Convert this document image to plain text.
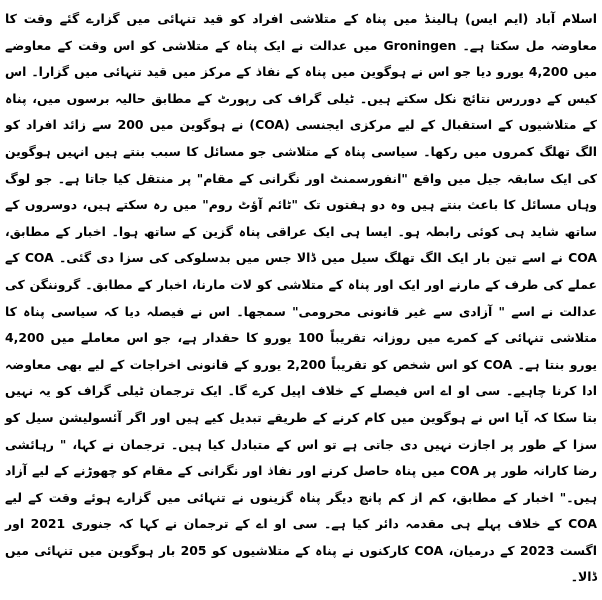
اسلام آباد (ایم ایس) ہالینڈ میں پناہ کے متلاشی افراد کو قید تنہائی میں گزارے گئے وقت کا معاوضہ مل سکتا ہے۔ Groningen میں عدالت نے ایک پناہ کے متلاشی کو اس وقت کے معاوضے میں 4,200 یورو دیا جو اس نے ہوگوین میں پناہ کے نفاذ کے مرکز میں قید تنہائی میں گزارا۔ اس کیس کے دوررس نتائج نکل سکتے ہیں۔ ٹیلی گراف کی رپورٹ کے مطابق حالیہ برسوں میں، پناہ کے متلاشیوں کے استقبال کے لیے مرکزی ایجنسی (COA) نے ہوگوین میں 200 سے زائد افراد کو الگ تھلگ کمروں میں رکھا۔ سیاسی پناہ کے متلاشی جو مسائل کا سبب بنتے ہیں انہیں ہوگوین کی ایک سابقہ جیل میں واقع "انفورسمنٹ اور نگرانی کے مقام" پر منتقل کیا جاتا ہے۔ جو لوگ وہاں مسائل کا باعث بنتے ہیں وہ دو ہفتوں تک "ٹائم آؤٹ روم" میں رہ سکتے ہیں، دوسروں کے ساتھ شاید ہی کوئی رابطہ ہو۔ ایسا ہی ایک عراقی پناہ گزین کے ساتھ ہوا۔ اخبار کے مطابق، COA نے اسے تین بار ایک الگ تھلگ سیل میں ڈالا جس میں بدسلوکی کی سزا دی گئی۔ COA کے عملے کی طرف کے مارنے اور ایک اور پناہ کے متلاشی کو لات مارنا، اخبار کے مطابق۔ گروننگن کی عدالت نے اسے " آزادی سے غیر قانونی محرومی" سمجھا۔ اس نے فیصلہ دیا کہ سیاسی پناہ کا متلاشی تنہائی کے کمرے میں روزانہ تقریباً 100 یورو کا حقدار ہے، جو اس معاملے میں 4,200 یورو بنتا ہے۔ COA کو اس شخص کو تقریباً 2,200 یورو کے قانونی اخراجات کے لیے بھی معاوضہ ادا کرنا چاہیے۔ سی او اے اس فیصلے کے خلاف اپیل کرے گا۔ ایک ترجمان ٹیلی گراف کو یہ نہیں بتا سکا کہ آیا اس نے ہوگوین میں کام کرنے کے طریقے تبدیل کیے ہیں اور اگر آئسولیشن سیل کو سزا کے طور پر اجازت نہیں دی جاتی ہے تو اس کے متبادل کیا ہیں۔ ترجمان نے کہا، " رہائشی رضا کارانہ طور پر COA میں پناہ حاصل کرنے اور نفاذ اور نگرانی کے مقام کو چھوڑنے کے لیے آزاد ہیں۔" اخبار کے مطابق، کم از کم پانچ دیگر پناہ گزینوں نے تنہائی میں گزارے ہوئے وقت کے لیے COA کے خلاف پہلے ہی مقدمہ دائر کیا ہے۔ سی او اے کے ترجمان نے کہا کہ جنوری 2021 اور اگست 2023 کے درمیان، COA کارکنوں نے پناہ کے متلاشیوں کو 205 بار ہوگوین میں تنہائی میں ڈالا۔
